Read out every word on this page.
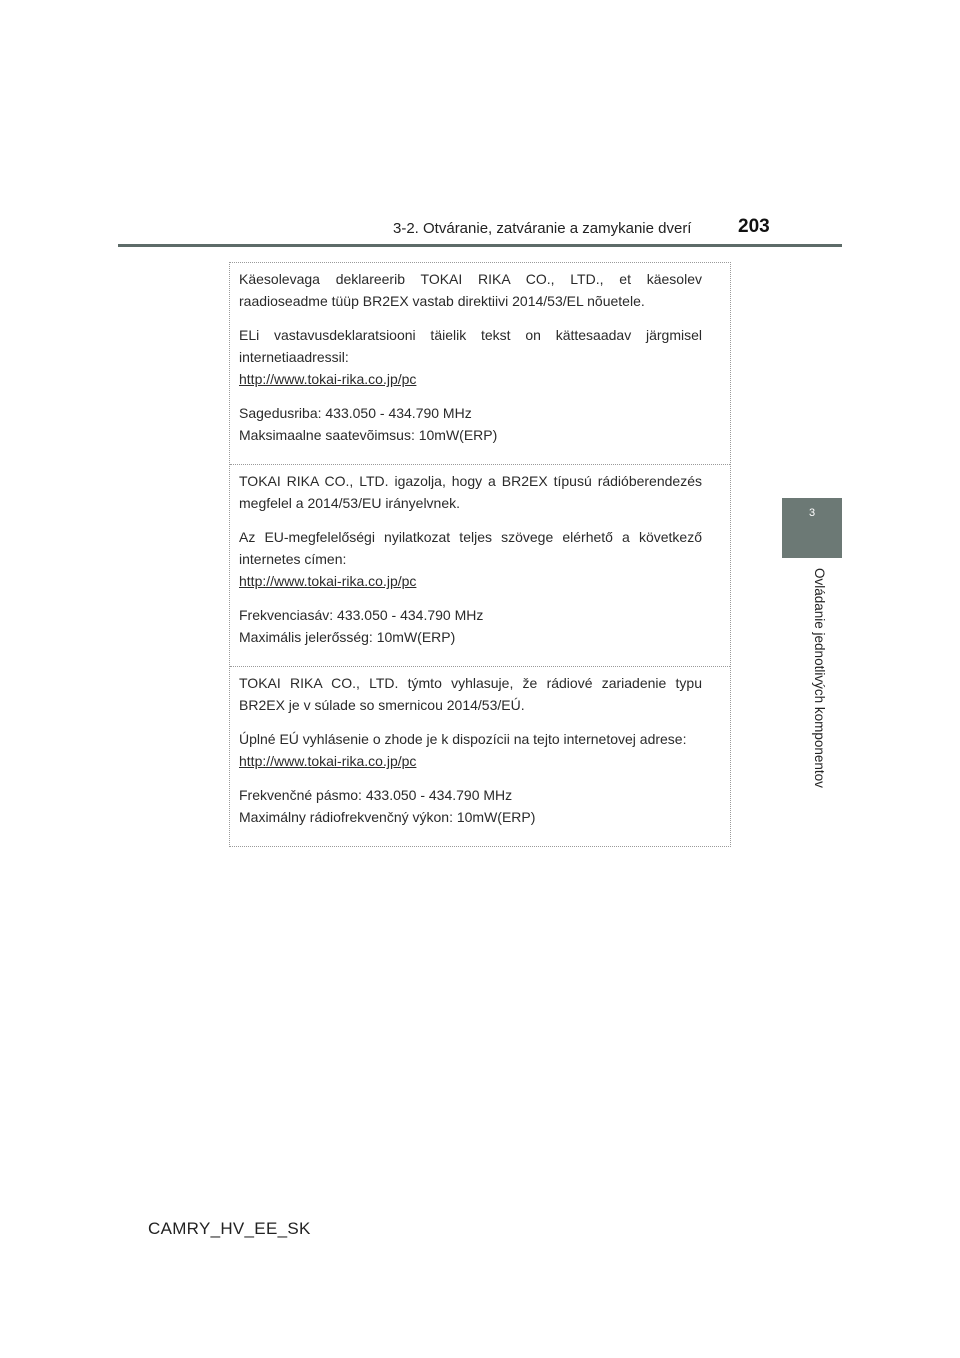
3-2. Otváranie, zatváranie a zamykanie dverí 203
3
Ovládanie jednotlivých komponentov

Käesolevaga deklareerib TOKAI RIKA CO., LTD., et käesolev raadioseadme tüüp BR2EX vastab direktiivi 2014/53/EL nõuetele.

ELi vastavusdeklaratsiooni täielik tekst on kättesaadav järgmisel internetiaadressil:

http://www.tokai-rika.co.jp/pc

Sagedusriba: 433.050 - 434.790 MHz

Maksimaalne saatevõimsus: 10mW(ERP)

TOKAI RIKA CO., LTD. igazolja, hogy a BR2EX típusú rádióberendezés megfelel a 2014/53/EU irányelvnek.

Az EU-megfelelőségi nyilatkozat teljes szövege elérhető a következő internetes címen:

http://www.tokai-rika.co.jp/pc

Frekvenciasáv: 433.050 - 434.790 MHz

Maximális jelerősség: 10mW(ERP)

TOKAI RIKA CO., LTD. týmto vyhlasuje, že rádiové zariadenie typu BR2EX je v súlade so smernicou 2014/53/EÚ.

Úplné EÚ vyhlásenie o zhode je k dispozícii na tejto internetovej adrese:

http://www.tokai-rika.co.jp/pc

Frekvenčné pásmo: 433.050 - 434.790 MHz

Maximálny rádiofrekvenčný výkon: 10mW(ERP)

CAMRY_HV_EE_SK
